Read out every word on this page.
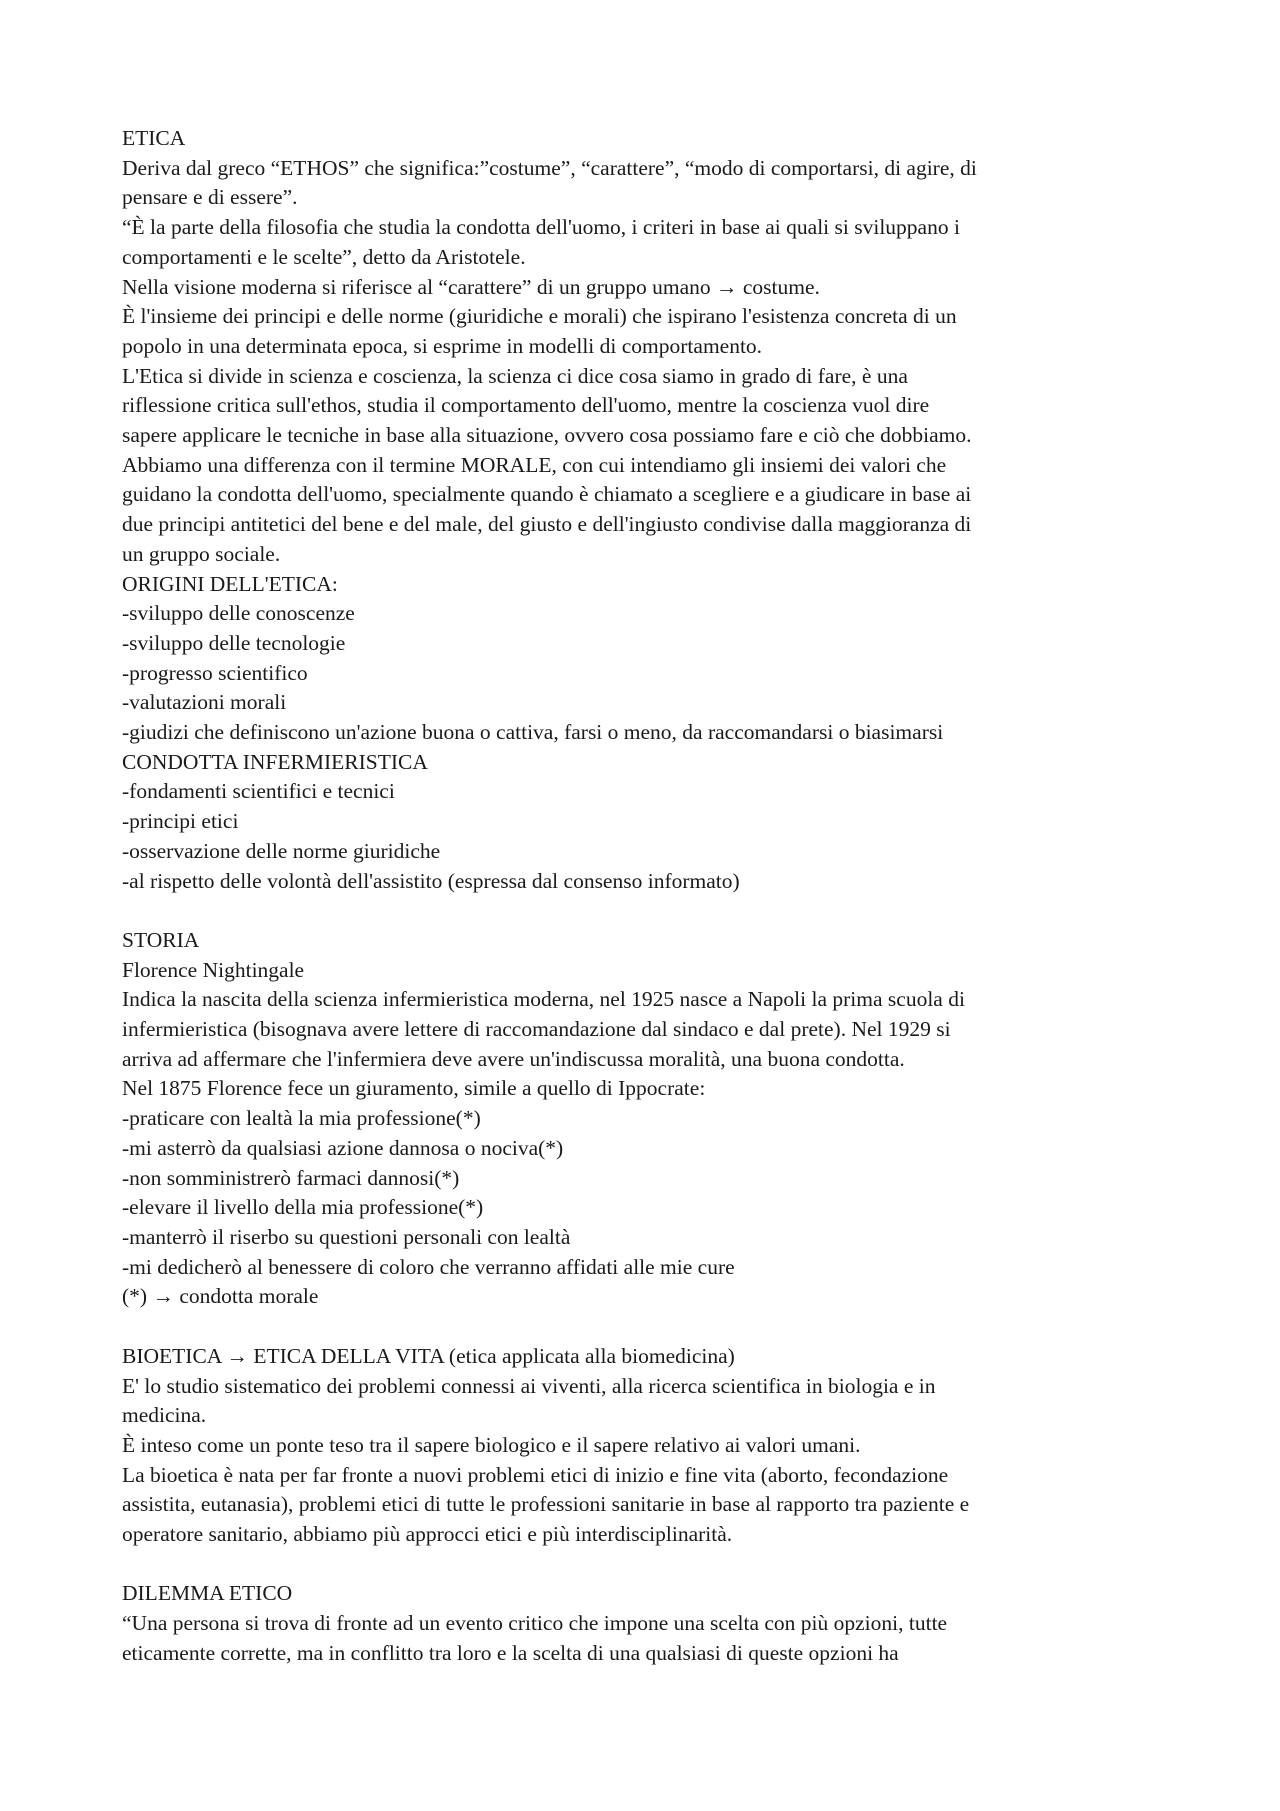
ETICA
Deriva dal greco “ETHOS” che significa:”costume”, “carattere”, “modo di comportarsi, di agire, di
pensare e di essere”.
“È la parte della filosofia che studia la condotta dell'uomo, i criteri in base ai quali si sviluppano i
comportamenti e le scelte”, detto da Aristotele.
Nella visione moderna si riferisce al “carattere” di un gruppo umano → costume.
È l'insieme dei principi e delle norme (giuridiche e morali) che ispirano l'esistenza concreta di un
popolo in una determinata epoca, si esprime in modelli di comportamento.
L'Etica si divide in scienza e coscienza, la scienza ci dice cosa siamo in grado di fare, è una
riflessione critica sull'ethos, studia il comportamento dell'uomo, mentre la coscienza vuol dire
sapere applicare le tecniche in base alla situazione, ovvero cosa possiamo fare e ciò che dobbiamo.
Abbiamo una differenza con il termine MORALE, con cui intendiamo gli insiemi dei valori che
guidano la condotta dell'uomo, specialmente quando è chiamato a scegliere e a giudicare in base ai
due principi antitetici del bene e del male, del giusto e dell'ingiusto condivise dalla maggioranza di
un gruppo sociale.
ORIGINI DELL'ETICA:
-sviluppo delle conoscenze
-sviluppo delle tecnologie
-progresso scientifico
-valutazioni morali
-giudizi che definiscono un'azione buona o cattiva, farsi o meno, da raccomandarsi o biasimarsi
CONDOTTA INFERMIERISTICA
-fondamenti scientifici e tecnici
-principi etici
-osservazione delle norme giuridiche
-al rispetto delle volontà dell'assistito (espressa dal consenso informato)
STORIA
Florence Nightingale
Indica la nascita della scienza infermieristica moderna, nel 1925 nasce a Napoli la prima scuola di
infermieristica (bisognava avere lettere di raccomandazione dal sindaco e dal prete). Nel 1929 si
arriva ad affermare che l'infermiera deve avere un'indiscussa moralità, una buona condotta.
Nel 1875 Florence fece un giuramento, simile a quello di Ippocrate:
-praticare con lealtà la mia professione(*)
-mi asterrò da qualsiasi azione dannosa o nociva(*)
-non somministrerò farmaci dannosi(*)
-elevare il livello della mia professione(*)
-manterrò il riserbo su questioni personali con lealtà
-mi dedicherò al benessere di coloro che verranno affidati alle mie cure
(*) → condotta morale
BIOETICA → ETICA DELLA VITA (etica applicata alla biomedicina)
E' lo studio sistematico dei problemi connessi ai viventi, alla ricerca scientifica in biologia e in
medicina.
È inteso come un ponte teso tra il sapere biologico e il sapere relativo ai valori umani.
La bioetica è nata per far fronte a nuovi problemi etici di inizio e fine vita (aborto, fecondazione
assistita, eutanasia), problemi etici di tutte le professioni sanitarie in base al rapporto tra paziente e
operatore sanitario, abbiamo più approcci etici e più interdisciplinarità.
DILEMMA ETICO
“Una persona si trova di fronte ad un evento critico che impone una scelta con più opzioni, tutte
eticamente corrette, ma in conflitto tra loro e la scelta di una qualsiasi di queste opzioni ha
